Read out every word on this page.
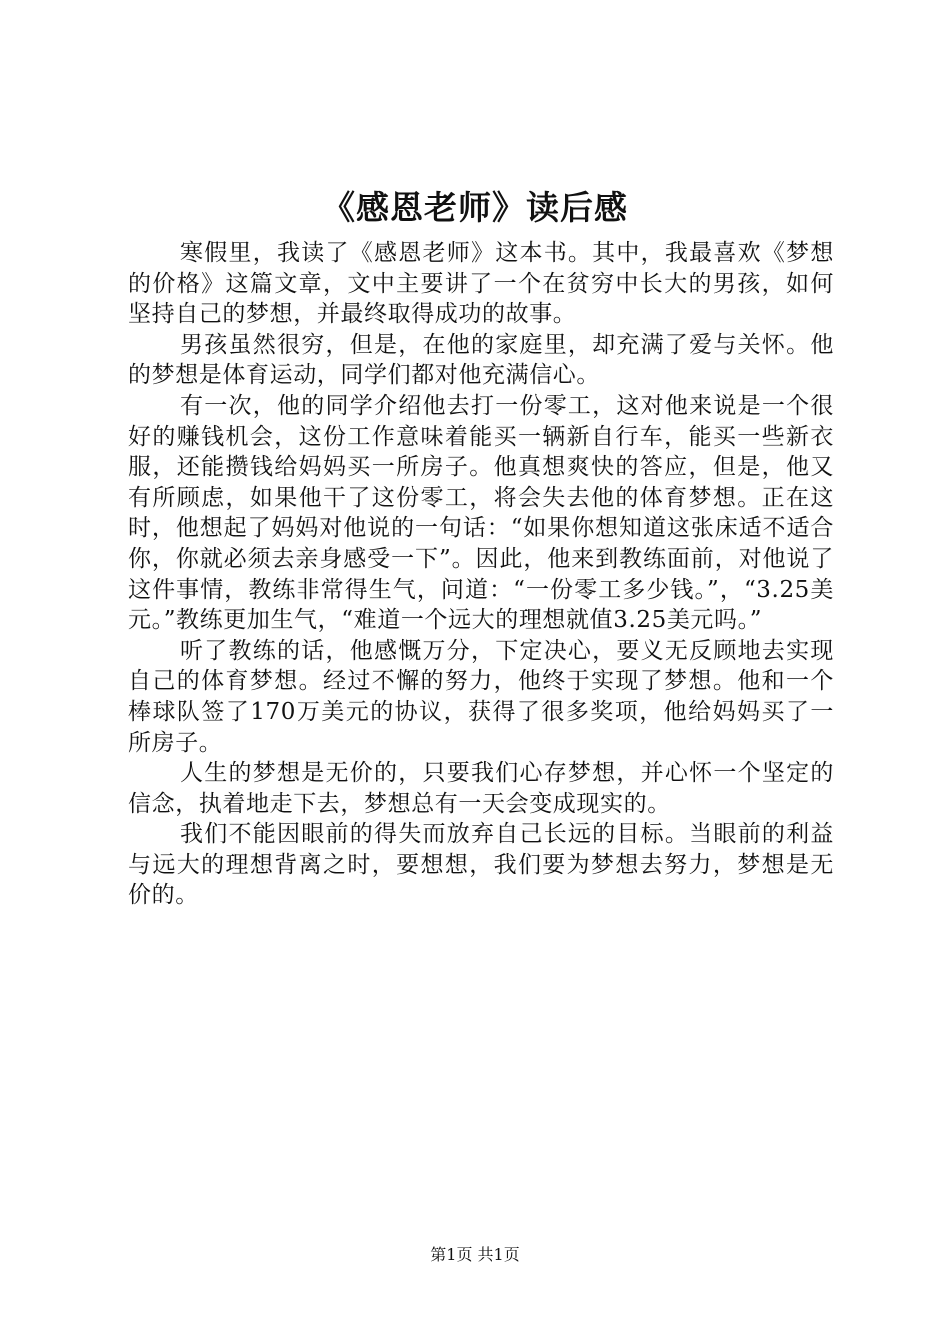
《感恩老师》读后感

寒假里，我读了《感恩老师》这本书。其中，我最喜欢《梦想的价格》这篇文章，文中主要讲了一个在贫穷中长大的男孩，如何坚持自己的梦想，并最终取得成功的故事。

男孩虽然很穷，但是，在他的家庭里，却充满了爱与关怀。他的梦想是体育运动，同学们都对他充满信心。

有一次，他的同学介绍他去打一份零工，这对他来说是一个很好的赚钱机会，这份工作意味着能买一辆新自行车，能买一些新衣服，还能攒钱给妈妈买一所房子。他真想爽快的答应，但是，他又有所顾虑，如果他干了这份零工，将会失去他的体育梦想。正在这时，他想起了妈妈对他说的一句话：“如果你想知道这张床适不适合你，你就必须去亲身感受一下”。因此，他来到教练面前，对他说了这件事情，教练非常得生气，问道：“一份零工多少钱。”，“3.25美元。”教练更加生气，“难道一个远大的理想就值3.25美元吗。”

听了教练的话，他感慨万分，下定决心，要义无反顾地去实现自己的体育梦想。经过不懈的努力，他终于实现了梦想。他和一个棒球队签了170万美元的协议，获得了很多奖项，他给妈妈买了一所房子。

人生的梦想是无价的，只要我们心存梦想，并心怀一个坚定的信念，执着地走下去，梦想总有一天会变成现实的。

我们不能因眼前的得失而放弃自己长远的目标。当眼前的利益与远大的理想背离之时，要想想，我们要为梦想去努力，梦想是无价的。

第1页 共1页
